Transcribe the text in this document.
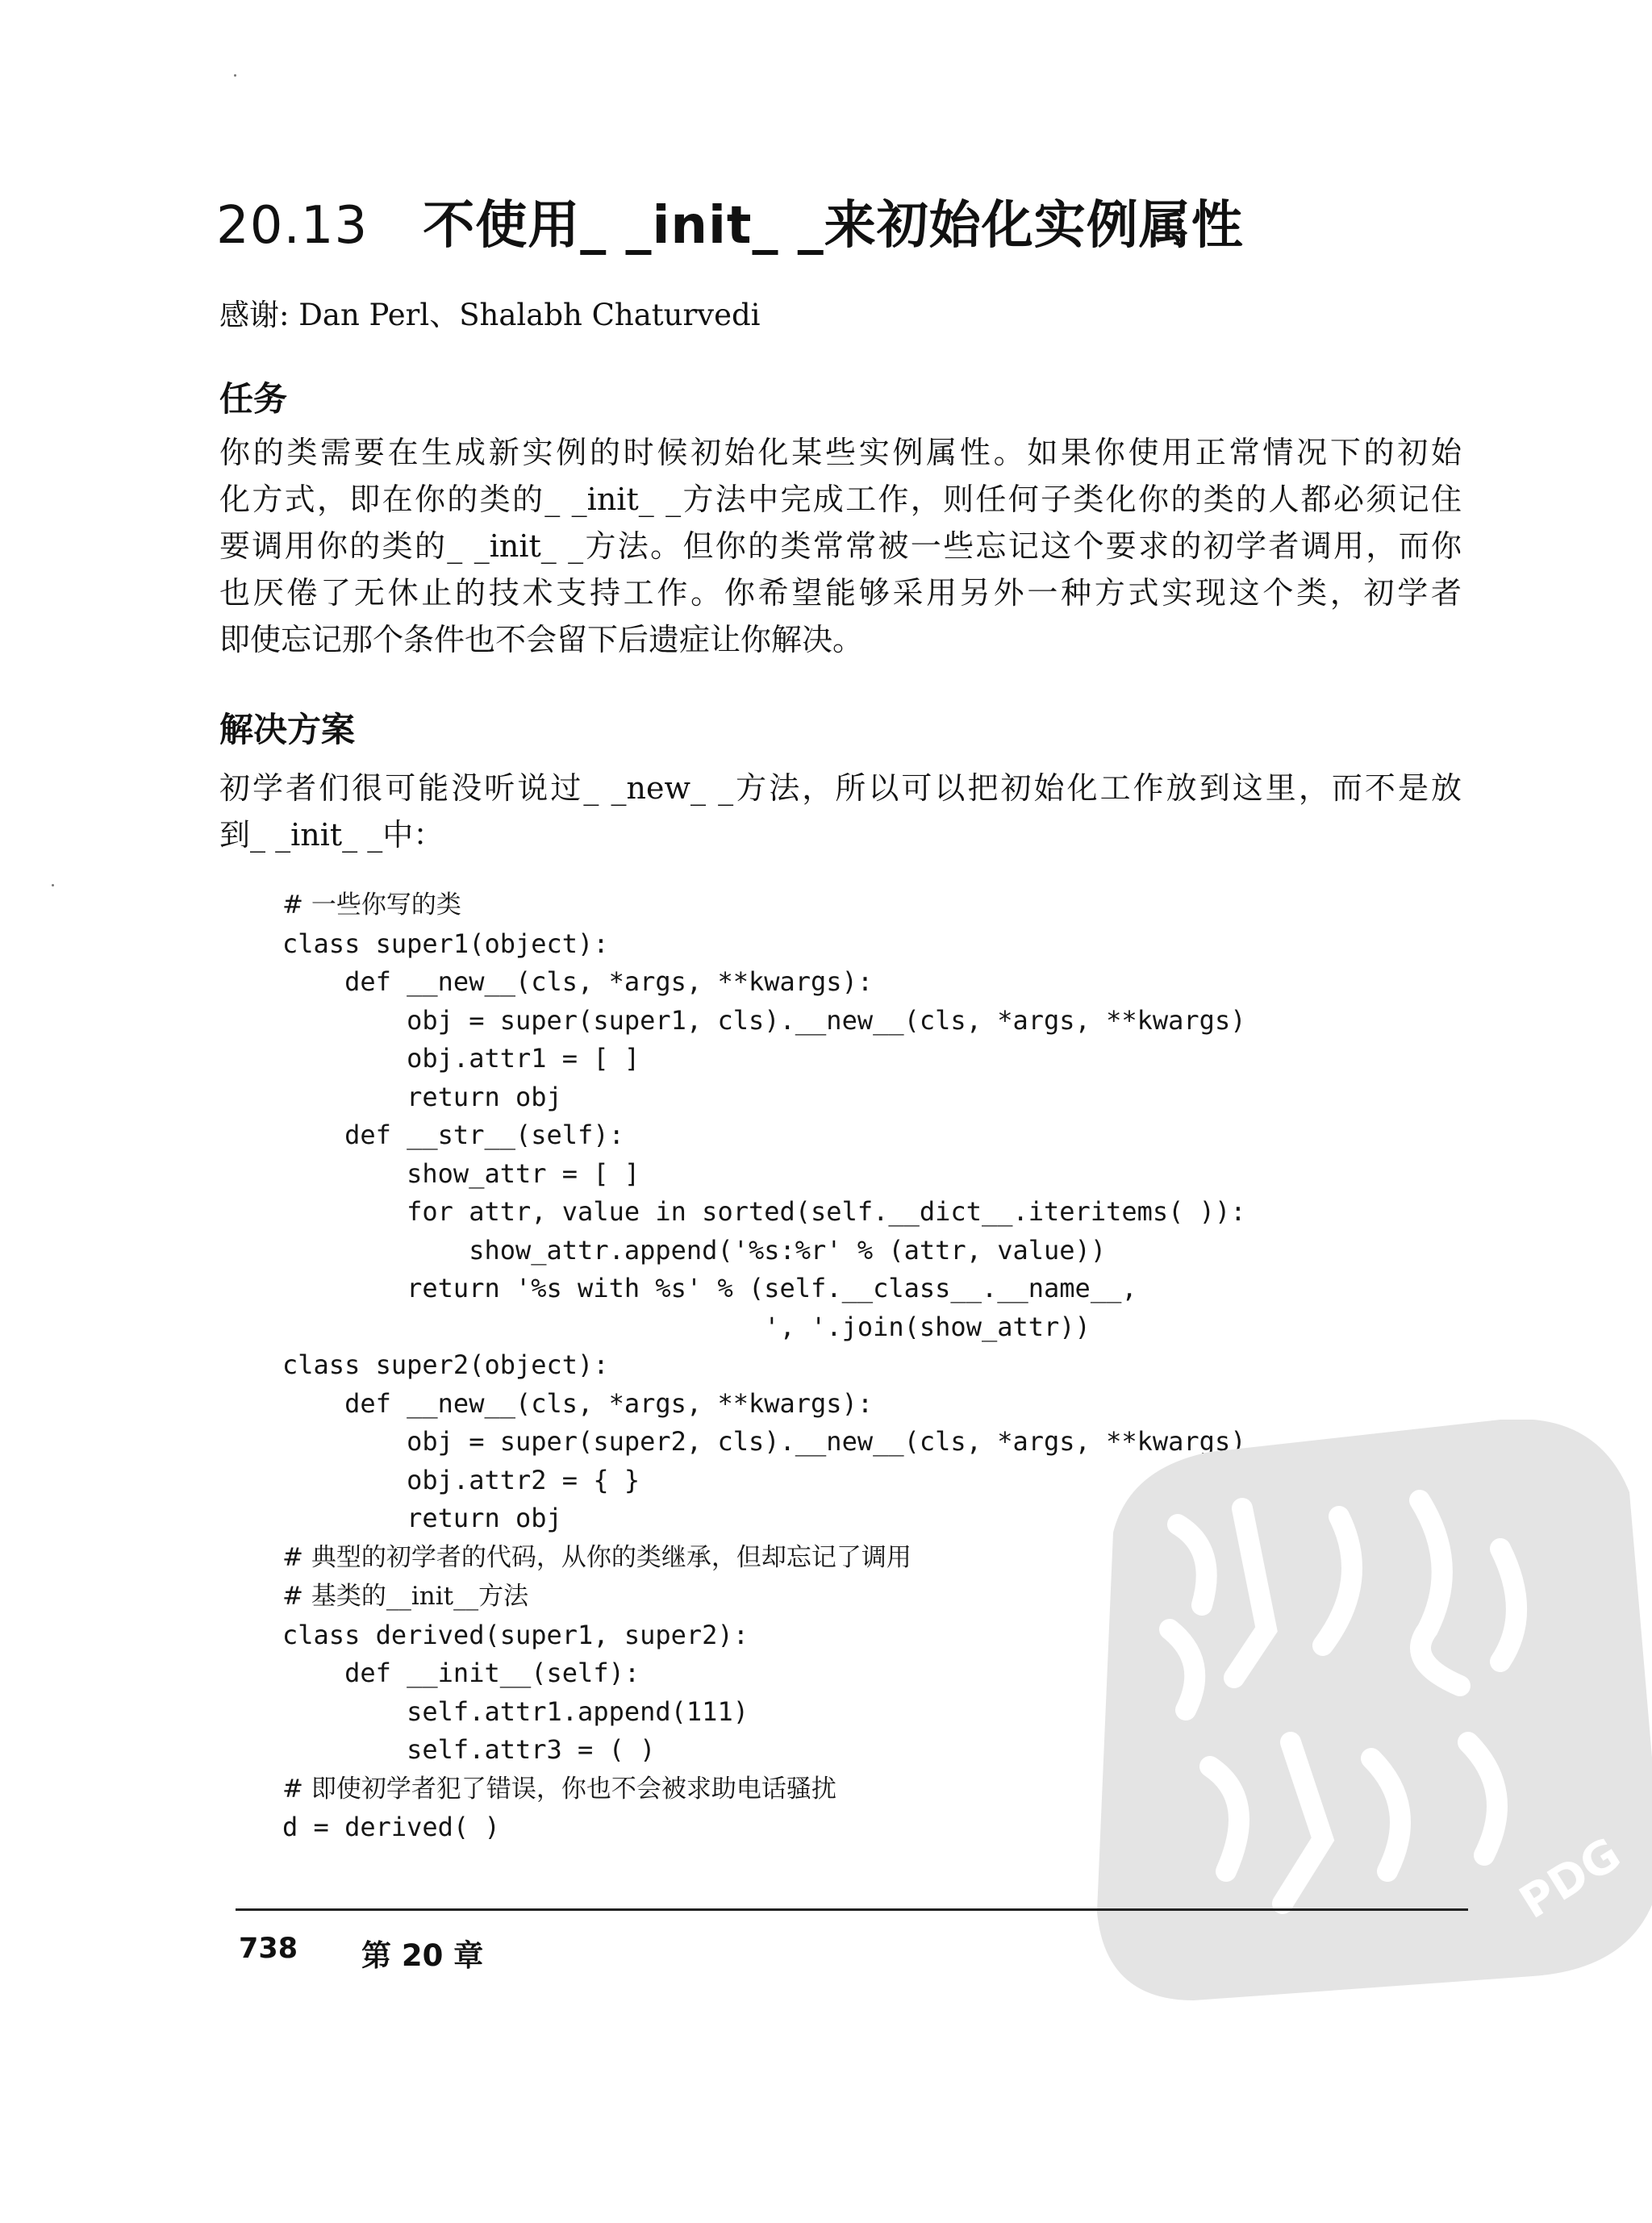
20.13 不使用_ _init_ _来初始化实例属性
感谢: Dan Perl、Shalabh Chaturvedi
任务
你的类需要在生成新实例的时候初始化某些实例属性。如果你使用正常情况下的初始
化方式，即在你的类的_ _init_ _方法中完成工作，则任何子类化你的类的人都必须记住
要调用你的类的_ _init_ _方法。但你的类常常被一些忘记这个要求的初学者调用，而你
也厌倦了无休止的技术支持工作。你希望能够采用另外一种方式实现这个类，初学者
即使忘记那个条件也不会留下后遗症让你解决。
解决方案
初学者们很可能没听说过_ _new_ _方法，所以可以把初始化工作放到这里，而不是放
到_ _init_ _中：
# 一些你写的类
class super1(object):
def __new__(cls, *args, **kwargs):
obj = super(super1, cls).__new__(cls, *args, **kwargs)
obj.attr1 = [ ]
return obj
def __str__(self):
show_attr = [ ]
for attr, value in sorted(self.__dict__.iteritems( )):
show_attr.append('%s:%r' % (attr, value))
return '%s with %s' % (self.__class__.__name__,
', '.join(show_attr))
class super2(object):
def __new__(cls, *args, **kwargs):
obj = super(super2, cls).__new__(cls, *args, **kwargs)
obj.attr2 = { }
return obj
# 典型的初学者的代码，从你的类继承，但却忘记了调用
# 基类的__init__方法
class derived(super1, super2):
def __init__(self):
self.attr1.append(111)
self.attr3 = ( )
# 即使初学者犯了错误，你也不会被求助电话骚扰
d = derived( )
PDG
738 第 20 章
